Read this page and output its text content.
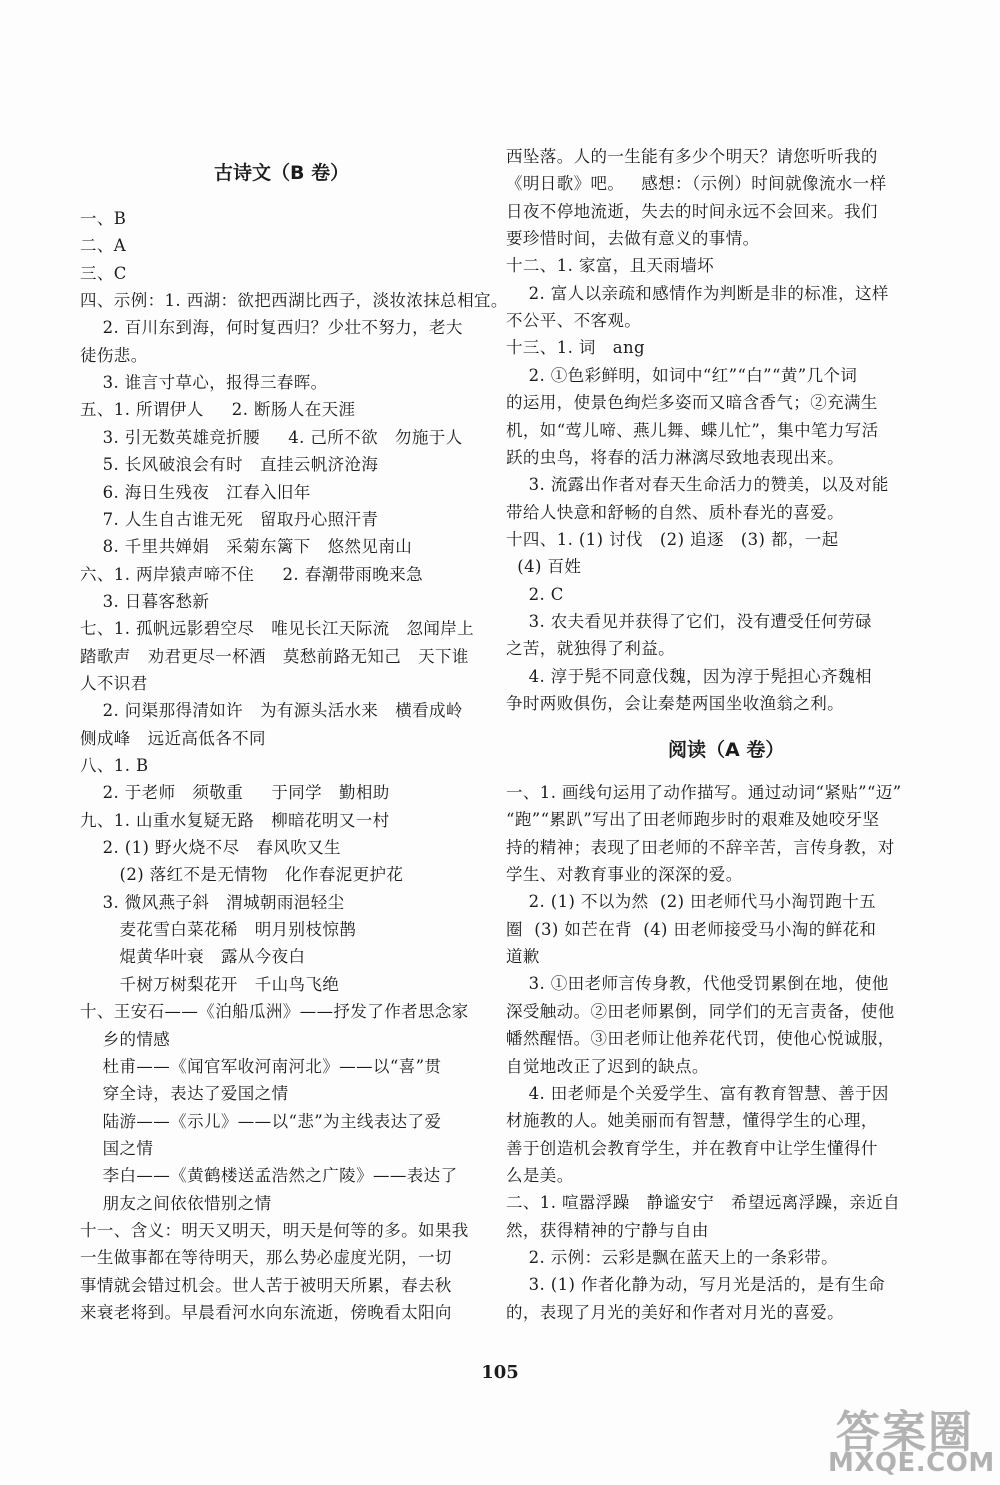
古诗文（B 卷）
一、B
二、A
三、C
四、示例：1. 西湖：欲把西湖比西子，淡妆浓抹总相宜。
2. 百川东到海，何时复西归？少壮不努力，老大
徒伤悲。
3. 谁言寸草心，报得三春晖。
五、1. 所谓伊人     2. 断肠人在天涯
3. 引无数英雄竞折腰     4. 己所不欲   勿施于人
5. 长风破浪会有时   直挂云帆济沧海
6. 海日生残夜   江春入旧年
7. 人生自古谁无死   留取丹心照汗青
8. 千里共婵娟   采菊东篱下   悠然见南山
六、1. 两岸猿声啼不住     2. 春潮带雨晚来急
3. 日暮客愁新
七、1. 孤帆远影碧空尽   唯见长江天际流   忽闻岸上
踏歌声   劝君更尽一杯酒   莫愁前路无知己   天下谁
人不识君
2. 问渠那得清如许   为有源头活水来   横看成岭
侧成峰   远近高低各不同
八、1. B
2. 于老师   须敬重     于同学   勤相助
九、1. 山重水复疑无路   柳暗花明又一村
2. (1) 野火烧不尽   春风吹又生
(2) 落红不是无情物   化作春泥更护花
3. 微风燕子斜   渭城朝雨浥轻尘
麦花雪白菜花稀   明月别枝惊鹊
焜黄华叶衰   露从今夜白
千树万树梨花开   千山鸟飞绝
十、王安石——《泊船瓜洲》——抒发了作者思念家
乡的情感
杜甫——《闻官军收河南河北》——以“喜”贯
穿全诗，表达了爱国之情
陆游——《示儿》——以“悲”为主线表达了爱
国之情
李白——《黄鹤楼送孟浩然之广陵》——表达了
朋友之间依依惜别之情
十一、含义：明天又明天，明天是何等的多。如果我
一生做事都在等待明天，那么势必虚度光阴，一切
事情就会错过机会。世人苦于被明天所累，春去秋
来衰老将到。早晨看河水向东流逝，傍晚看太阳向
阅读（A 卷）
西坠落。人的一生能有多少个明天？请您听听我的
《明日歌》吧。   感想：（示例）时间就像流水一样
日夜不停地流逝，失去的时间永远不会回来。我们
要珍惜时间，去做有意义的事情。
十二、1. 家富，且天雨墙坏
2. 富人以亲疏和感情作为判断是非的标准，这样
不公平、不客观。
十三、1. 词   ang
2. ①色彩鲜明，如词中“红”“白”“黄”几个词
的运用，使景色绚烂多姿而又暗含香气；②充满生
机，如“莺儿啼、燕儿舞、蝶儿忙”，集中笔力写活
跃的虫鸟，将春的活力淋漓尽致地表现出来。
3. 流露出作者对春天生命活力的赞美，以及对能
带给人快意和舒畅的自然、质朴春光的喜爱。
十四、1. (1) 讨伐   (2) 追逐   (3) 都，一起
(4) 百姓
2. C
3. 农夫看见并获得了它们，没有遭受任何劳碌
之苦，就独得了利益。
4. 淳于髡不同意伐魏，因为淳于髡担心齐魏相
争时两败俱伤，会让秦楚两国坐收渔翁之利。
一、1. 画线句运用了动作描写。通过动词“紧贴”“迈”
“跑”“累趴”写出了田老师跑步时的艰难及她咬牙坚
持的精神；表现了田老师的不辞辛苦，言传身教，对
学生、对教育事业的深深的爱。
2. (1) 不以为然  (2) 田老师代马小淘罚跑十五
圈  (3) 如芒在背  (4) 田老师接受马小淘的鲜花和
道歉
3. ①田老师言传身教，代他受罚累倒在地，使他
深受触动。②田老师累倒，同学们的无言责备，使他
幡然醒悟。③田老师让他养花代罚，使他心悦诚服，
自觉地改正了迟到的缺点。
4. 田老师是个关爱学生、富有教育智慧、善于因
材施教的人。她美丽而有智慧，懂得学生的心理，
善于创造机会教育学生，并在教育中让学生懂得什
么是美。
二、1. 喧嚣浮躁   静谧安宁   希望远离浮躁，亲近自
然，获得精神的宁静与自由
2. 示例：云彩是飘在蓝天上的一条彩带。
3. (1) 作者化静为动，写月光是活的，是有生命
的，表现了月光的美好和作者对月光的喜爱。
105
答案圈
MXQE.COM
